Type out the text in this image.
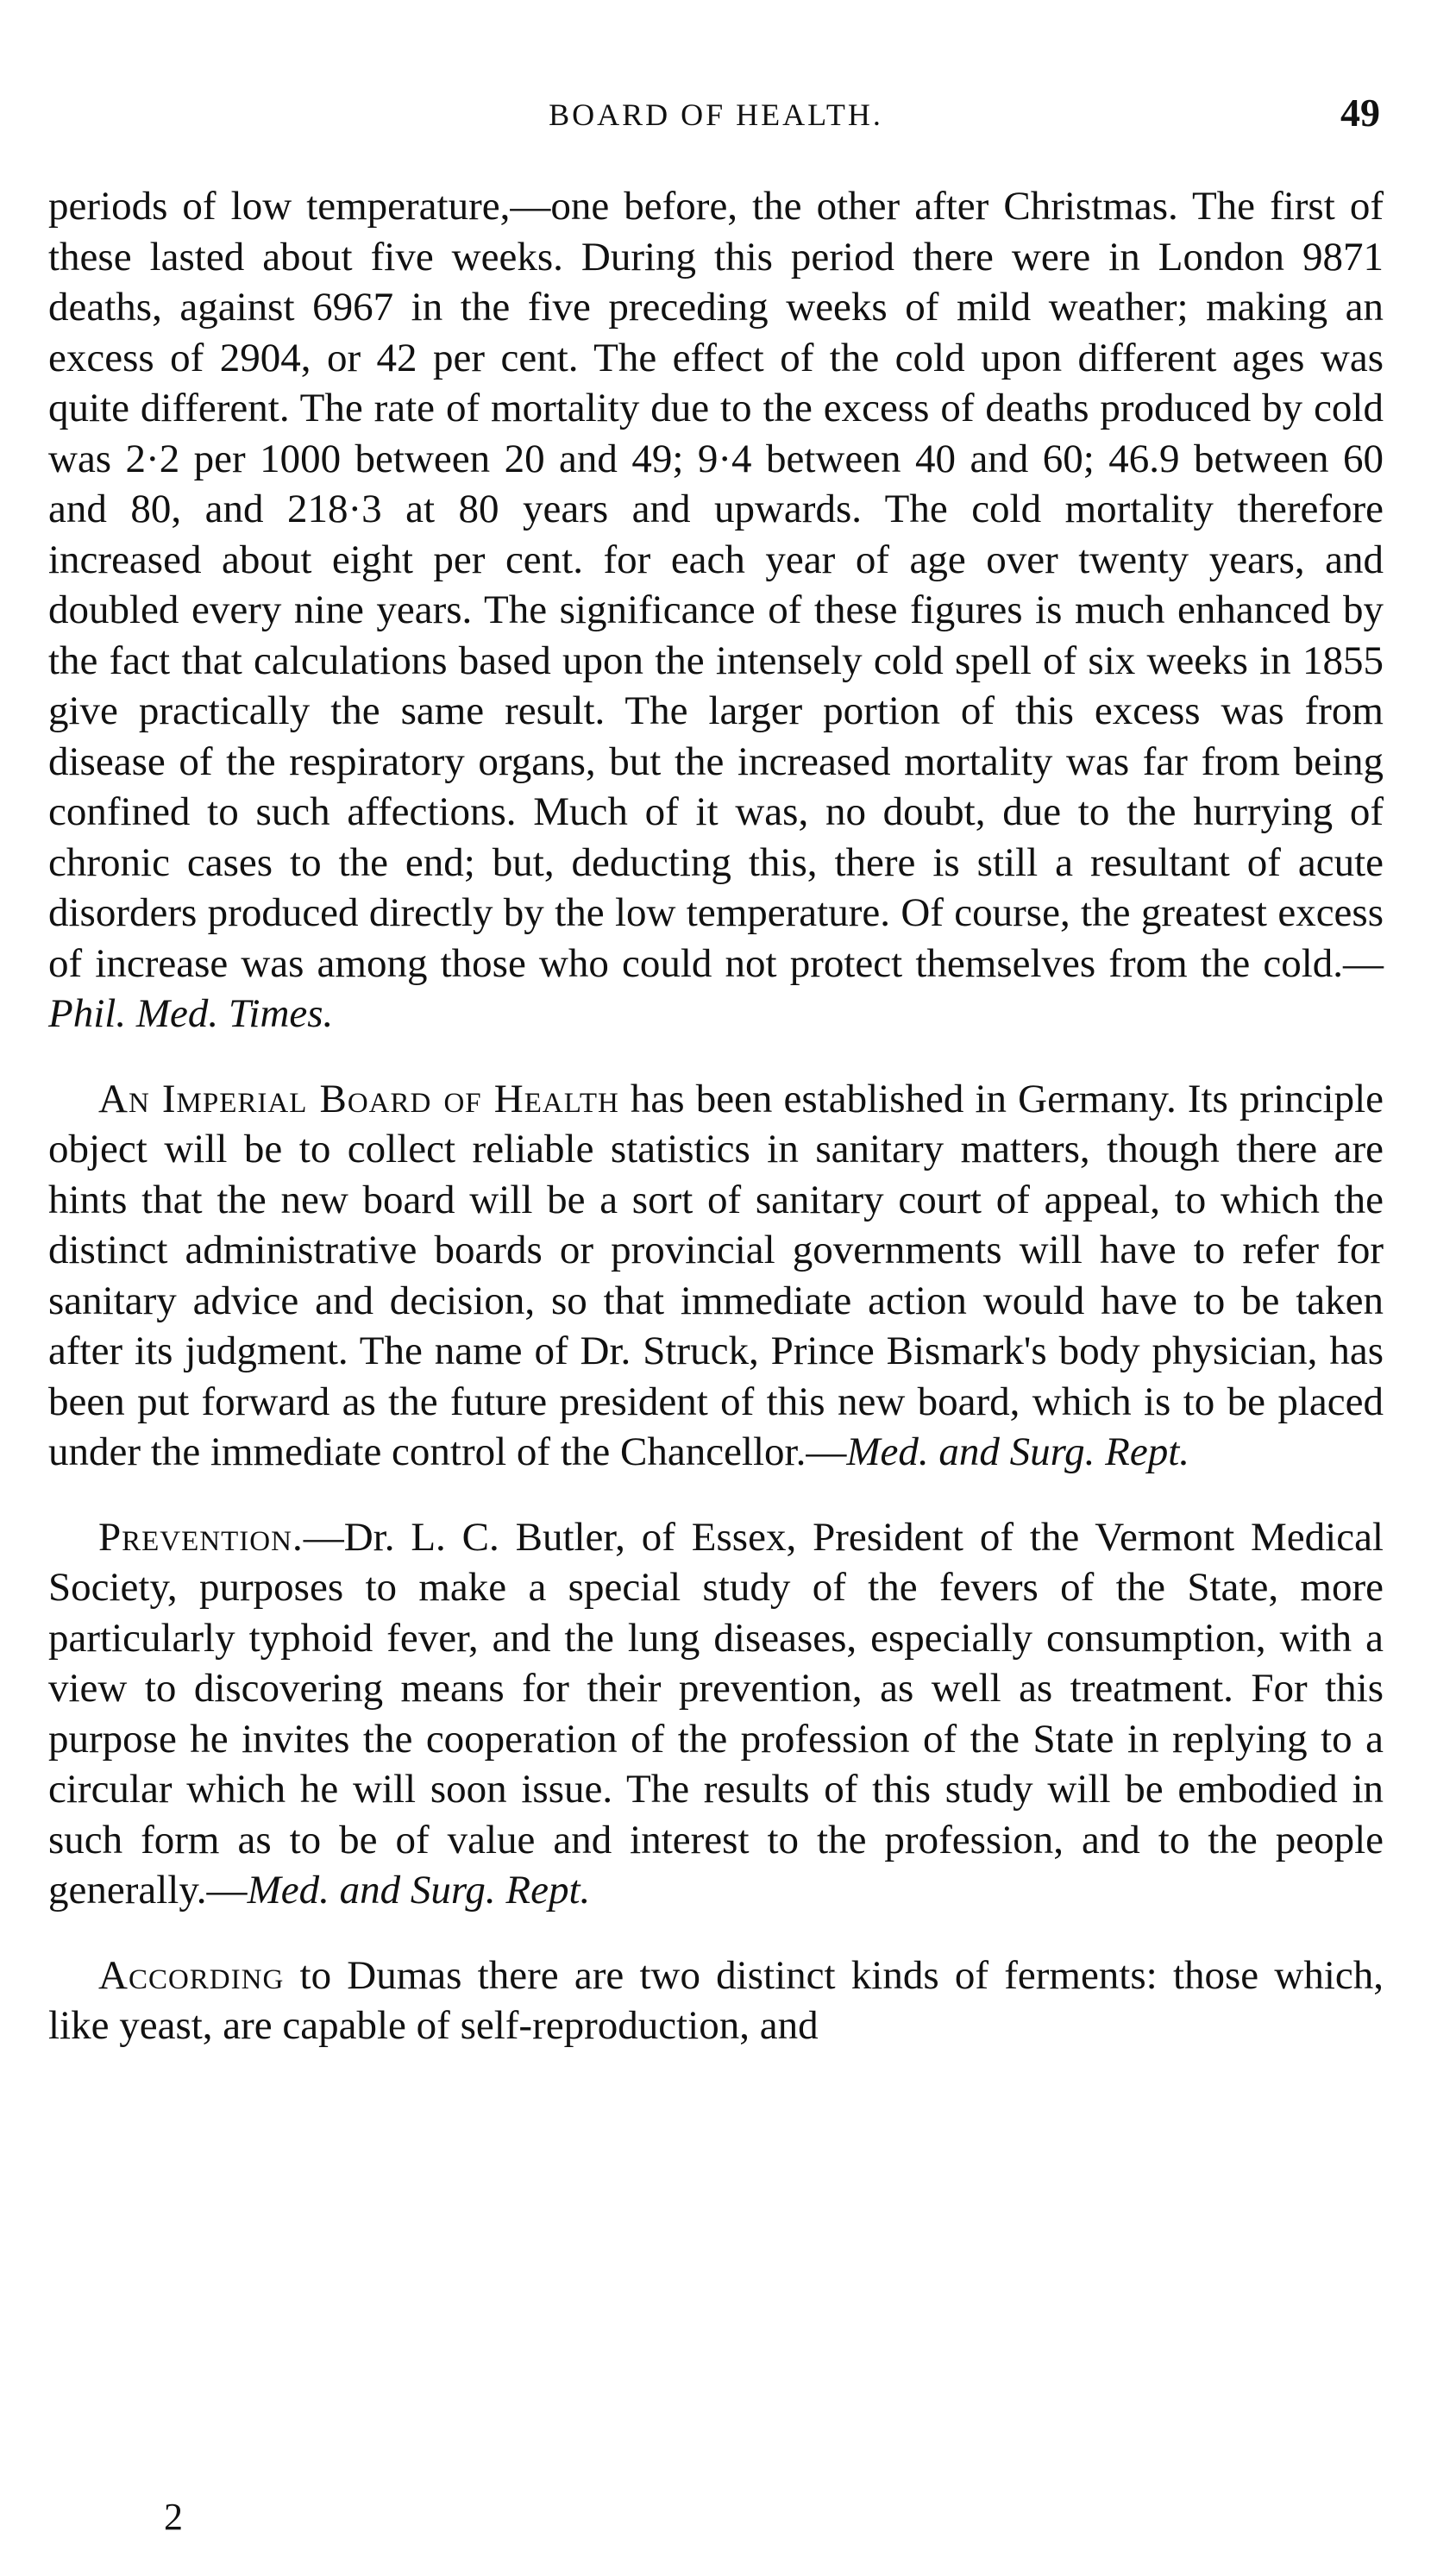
BOARD OF HEALTH.	49

periods of low temperature,—one before, the other after Christmas. The first of these lasted about five weeks. During this period there were in London 9871 deaths, against 6967 in the five preceding weeks of mild weather; making an excess of 2904, or 42 per cent. The effect of the cold upon different ages was quite different. The rate of mortality due to the excess of deaths produced by cold was 2·2 per 1000 between 20 and 49; 9·4 between 40 and 60; 46.9 between 60 and 80, and 218·3 at 80 years and upwards. The cold mortality therefore increased about eight per cent. for each year of age over twenty years, and doubled every nine years. The significance of these figures is much enhanced by the fact that calculations based upon the intensely cold spell of six weeks in 1855 give practically the same result. The larger portion of this excess was from disease of the respiratory organs, but the increased mortality was far from being confined to such affections. Much of it was, no doubt, due to the hurrying of chronic cases to the end; but, deducting this, there is still a resultant of acute disorders produced directly by the low temperature. Of course, the greatest excess of increase was among those who could not protect themselves from the cold.—Phil. Med. Times.

An Imperial Board of Health has been established in Germany. Its principle object will be to collect reliable statistics in sanitary matters, though there are hints that the new board will be a sort of sanitary court of appeal, to which the distinct administrative boards or provincial governments will have to refer for sanitary advice and decision, so that immediate action would have to be taken after its judgment. The name of Dr. Struck, Prince Bismark's body physician, has been put forward as the future president of this new board, which is to be placed under the immediate control of the Chancellor.—Med. and Surg. Rept.

Prevention.—Dr. L. C. Butler, of Essex, President of the Vermont Medical Society, purposes to make a special study of the fevers of the State, more particularly typhoid fever, and the lung diseases, especially consumption, with a view to discovering means for their prevention, as well as treatment. For this purpose he invites the cooperation of the profession of the State in replying to a circular which he will soon issue. The results of this study will be embodied in such form as to be of value and interest to the profession, and to the people generally.—Med. and Surg. Rept.

According to Dumas there are two distinct kinds of ferments: those which, like yeast, are capable of self-reproduction, and

2
